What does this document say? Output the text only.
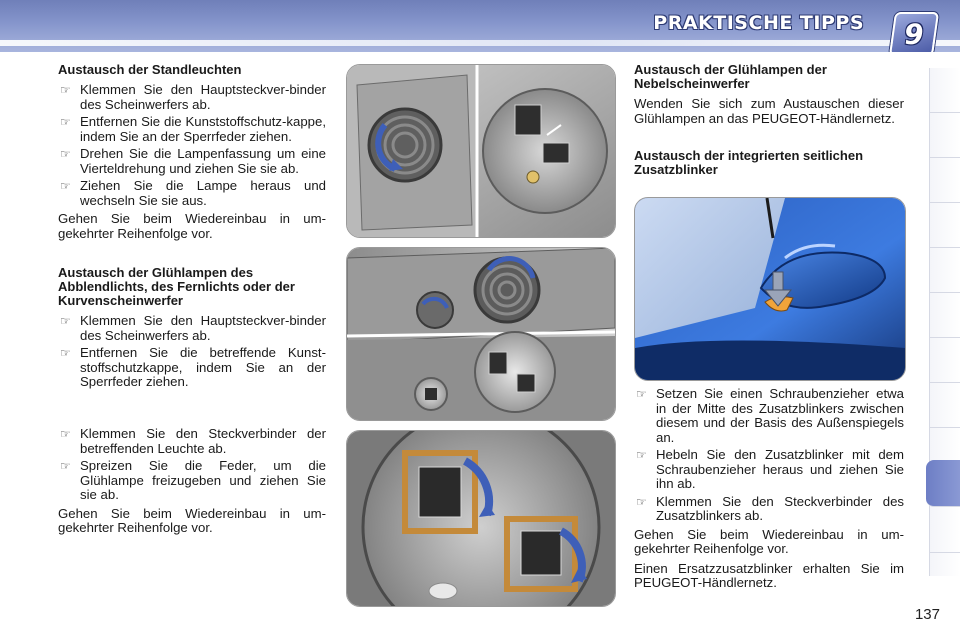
PRAKTISCHE TIPPS 9
Austausch der Standleuchten
☞ Klemmen Sie den Hauptsteckver-binder des Scheinwerfers ab.
☞ Entfernen Sie die Kunststoffschutz-kappe, indem Sie an der Sperrfeder ziehen.
☞ Drehen Sie die Lampenfassung um eine Vierteldrehung und ziehen Sie sie ab.
☞ Ziehen Sie die Lampe heraus und wechseln Sie sie aus.
Gehen Sie beim Wiedereinbau in um-gekehrter Reihenfolge vor.
Austausch der Glühlampen des Abblendlichts, des Fernlichts oder der Kurvenscheinwerfer
☞ Klemmen Sie den Hauptsteckver-binder des Scheinwerfers ab.
☞ Entfernen Sie die betreffende Kunst-stoffschutzkappe, indem Sie an der Sperrfeder ziehen.
☞ Klemmen Sie den Steckverbinder der betreffenden Leuchte ab.
☞ Spreizen Sie die Feder, um die Glühlampe freizugeben und ziehen Sie sie ab.
Gehen Sie beim Wiedereinbau in um-gekehrter Reihenfolge vor.
Austausch der Glühlampen der Nebelscheinwerfer
Wenden Sie sich zum Austauschen dieser Glühlampen an das PEUGEOT-Händlernetz.
Austausch der integrierten seitlichen Zusatzblinker
☞ Setzen Sie einen Schraubenzieher etwa in der Mitte des Zusatzblinkers zwischen diesem und der Basis des Außenspiegels an.
☞ Hebeln Sie den Zusatzblinker mit dem Schraubenzieher heraus und ziehen Sie ihn ab.
☞ Klemmen Sie den Steckverbinder des Zusatzblinkers ab.
Gehen Sie beim Wiedereinbau in um-gekehrter Reihenfolge vor.
Einen Ersatzzusatzblinker erhalten Sie im PEUGEOT-Händlernetz.
137
